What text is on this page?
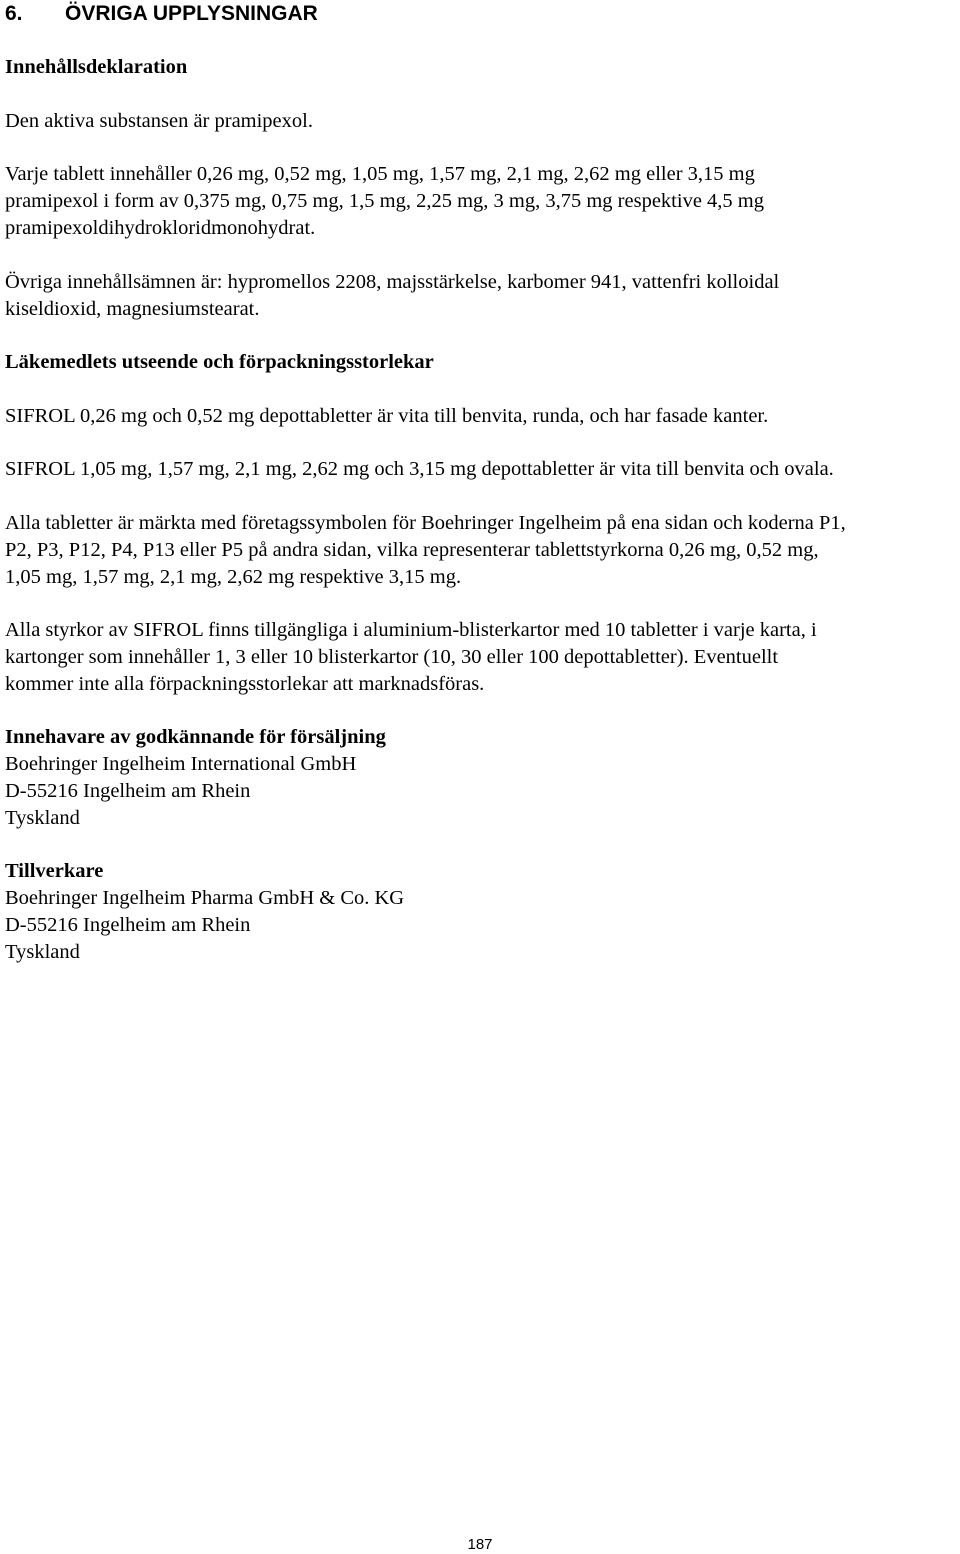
6. ÖVRIGA UPPLYSNINGAR
Innehållsdeklaration
Den aktiva substansen är pramipexol.
Varje tablett innehåller 0,26 mg, 0,52 mg, 1,05 mg, 1,57 mg, 2,1 mg, 2,62 mg eller 3,15 mg
pramipexol i form av 0,375 mg, 0,75 mg, 1,5 mg, 2,25 mg, 3 mg, 3,75 mg respektive 4,5 mg
pramipexoldihydrokloridmonohydrat.
Övriga innehållsämnen är: hypromellos 2208, majsstärkelse, karbomer 941, vattenfri kolloidal
kiseldioxid, magnesiumstearat.
Läkemedlets utseende och förpackningsstorlekar
SIFROL 0,26 mg och 0,52 mg depottabletter är vita till benvita, runda, och har fasade kanter.
SIFROL 1,05 mg, 1,57 mg, 2,1 mg, 2,62 mg och 3,15 mg depottabletter är vita till benvita och ovala.
Alla tabletter är märkta med företagssymbolen för Boehringer Ingelheim på ena sidan och koderna P1,
P2, P3, P12, P4, P13 eller P5 på andra sidan, vilka representerar tablettstyrkorna 0,26 mg, 0,52 mg,
1,05 mg, 1,57 mg, 2,1 mg, 2,62 mg respektive 3,15 mg.
Alla styrkor av SIFROL finns tillgängliga i aluminium-blisterkartor med 10 tabletter i varje karta, i
kartonger som innehåller 1, 3 eller 10 blisterkartor (10, 30 eller 100 depottabletter). Eventuellt
kommer inte alla förpackningsstorlekar att marknadsföras.
Innehavare av godkännande för försäljning
Boehringer Ingelheim International GmbH
D-55216 Ingelheim am Rhein
Tyskland
Tillverkare
Boehringer Ingelheim Pharma GmbH & Co. KG
D-55216 Ingelheim am Rhein
Tyskland
187
